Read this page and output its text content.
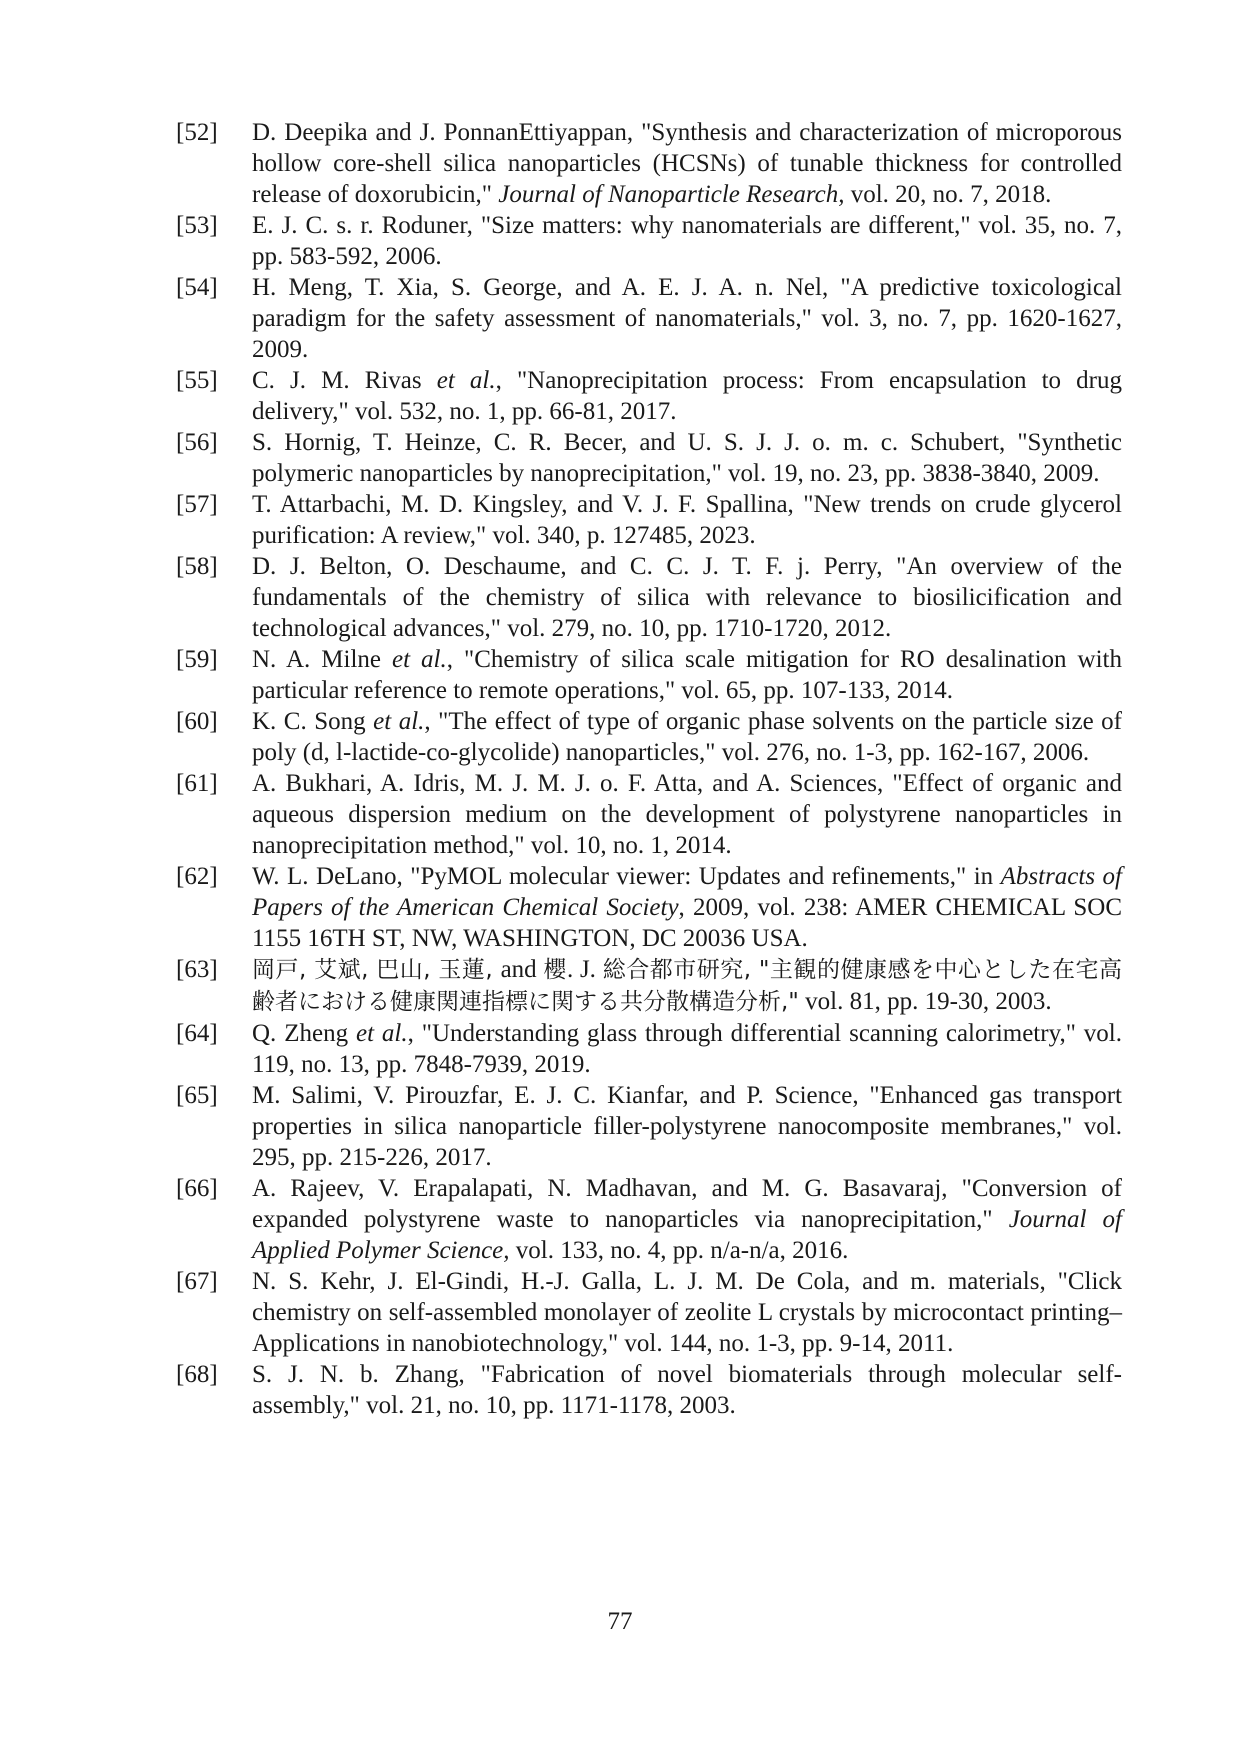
[52]	D. Deepika and J. PonnanEttiyappan, "Synthesis and characterization of microporous hollow core-shell silica nanoparticles (HCSNs) of tunable thickness for controlled release of doxorubicin," Journal of Nanoparticle Research, vol. 20, no. 7, 2018.
[53]	E. J. C. s. r. Roduner, "Size matters: why nanomaterials are different," vol. 35, no. 7, pp. 583-592, 2006.
[54]	H. Meng, T. Xia, S. George, and A. E. J. A. n. Nel, "A predictive toxicological paradigm for the safety assessment of nanomaterials," vol. 3, no. 7, pp. 1620-1627, 2009.
[55]	C. J. M. Rivas et al., "Nanoprecipitation process: From encapsulation to drug delivery," vol. 532, no. 1, pp. 66-81, 2017.
[56]	S. Hornig, T. Heinze, C. R. Becer, and U. S. J. J. o. m. c. Schubert, "Synthetic polymeric nanoparticles by nanoprecipitation," vol. 19, no. 23, pp. 3838-3840, 2009.
[57]	T. Attarbachi, M. D. Kingsley, and V. J. F. Spallina, "New trends on crude glycerol purification: A review," vol. 340, p. 127485, 2023.
[58]	D. J. Belton, O. Deschaume, and C. C. J. T. F. j. Perry, "An overview of the fundamentals of the chemistry of silica with relevance to biosilicification and technological advances," vol. 279, no. 10, pp. 1710-1720, 2012.
[59]	N. A. Milne et al., "Chemistry of silica scale mitigation for RO desalination with particular reference to remote operations," vol. 65, pp. 107-133, 2014.
[60]	K. C. Song et al., "The effect of type of organic phase solvents on the particle size of poly (d, l-lactide-co-glycolide) nanoparticles," vol. 276, no. 1-3, pp. 162-167, 2006.
[61]	A. Bukhari, A. Idris, M. J. M. J. o. F. Atta, and A. Sciences, "Effect of organic and aqueous dispersion medium on the development of polystyrene nanoparticles in nanoprecipitation method," vol. 10, no. 1, 2014.
[62]	W. L. DeLano, "PyMOL molecular viewer: Updates and refinements," in Abstracts of Papers of the American Chemical Society, 2009, vol. 238: AMER CHEMICAL SOC 1155 16TH ST, NW, WASHINGTON, DC 20036 USA.
[63]	岡戸, 艾斌, 巴山, 玉蓮, and 櫻. J. 総合都市研究, "主観的健康感を中心とした在宅高齢者における健康関連指標に関する共分散構造分析," vol. 81, pp. 19-30, 2003.
[64]	Q. Zheng et al., "Understanding glass through differential scanning calorimetry," vol. 119, no. 13, pp. 7848-7939, 2019.
[65]	M. Salimi, V. Pirouzfar, E. J. C. Kianfar, and P. Science, "Enhanced gas transport properties in silica nanoparticle filler-polystyrene nanocomposite membranes," vol. 295, pp. 215-226, 2017.
[66]	A. Rajeev, V. Erapalapati, N. Madhavan, and M. G. Basavaraj, "Conversion of expanded polystyrene waste to nanoparticles via nanoprecipitation," Journal of Applied Polymer Science, vol. 133, no. 4, pp. n/a-n/a, 2016.
[67]	N. S. Kehr, J. El-Gindi, H.-J. Galla, L. J. M. De Cola, and m. materials, "Click chemistry on self-assembled monolayer of zeolite L crystals by microcontact printing–Applications in nanobiotechnology," vol. 144, no. 1-3, pp. 9-14, 2011.
[68]	S. J. N. b. Zhang, "Fabrication of novel biomaterials through molecular self-assembly," vol. 21, no. 10, pp. 1171-1178, 2003.
77
